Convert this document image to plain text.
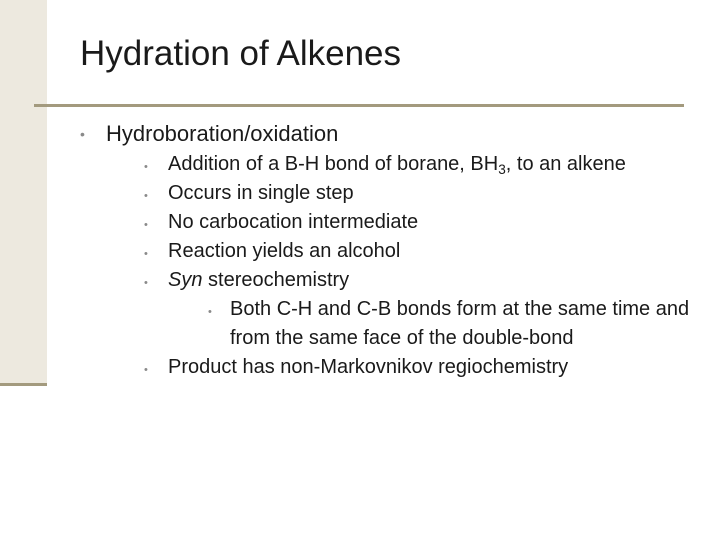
Hydration of Alkenes
• Hydroboration/oxidation
• Addition of a B-H bond of borane, $BH_3$, to an alkene
• Occurs in single step
• No carbocation intermediate
• Reaction yields an alcohol
• Syn stereochemistry
• Both C-H and C-B bonds form at the same time and from the same face of the double-bond
• Product has non-Markovnikov regiochemistry
